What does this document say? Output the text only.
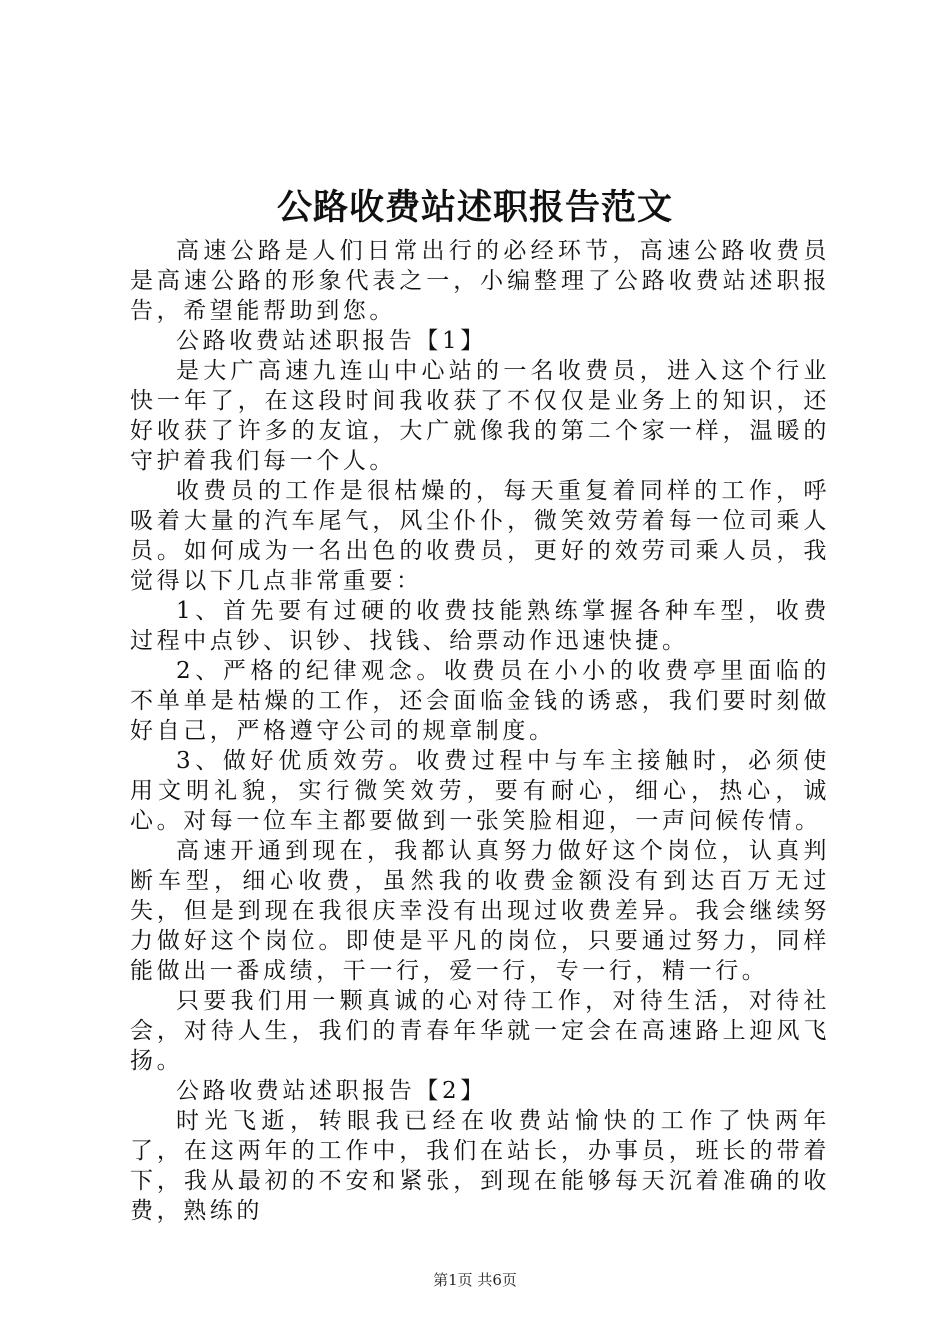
公路收费站述职报告范文

高速公路是人们日常出行的必经环节，高速公路收费员是高速公路的形象代表之一，小编整理了公路收费站述职报告，希望能帮助到您。

公路收费站述职报告【1】

是大广高速九连山中心站的一名收费员，进入这个行业快一年了，在这段时间我收获了不仅仅是业务上的知识，还好收获了许多的友谊，大广就像我的第二个家一样，温暖的守护着我们每一个人。

收费员的工作是很枯燥的，每天重复着同样的工作，呼吸着大量的汽车尾气，风尘仆仆，微笑效劳着每一位司乘人员。如何成为一名出色的收费员，更好的效劳司乘人员，我觉得以下几点非常重要：

1、首先要有过硬的收费技能熟练掌握各种车型，收费过程中点钞、识钞、找钱、给票动作迅速快捷。

2、严格的纪律观念。收费员在小小的收费亭里面临的不单单是枯燥的工作，还会面临金钱的诱惑，我们要时刻做好自己，严格遵守公司的规章制度。

3、做好优质效劳。收费过程中与车主接触时，必须使用文明礼貌，实行微笑效劳，要有耐心，细心，热心，诚心。对每一位车主都要做到一张笑脸相迎，一声问候传情。

高速开通到现在，我都认真努力做好这个岗位，认真判断车型，细心收费，虽然我的收费金额没有到达百万无过失，但是到现在我很庆幸没有出现过收费差异。我会继续努力做好这个岗位。即使是平凡的岗位，只要通过努力，同样能做出一番成绩，干一行，爱一行，专一行，精一行。

只要我们用一颗真诚的心对待工作，对待生活，对待社会，对待人生，我们的青春年华就一定会在高速路上迎风飞扬。

公路收费站述职报告【2】

时光飞逝，转眼我已经在收费站愉快的工作了快两年了，在这两年的工作中，我们在站长，办事员，班长的带着下，我从最初的不安和紧张，到现在能够每天沉着准确的收费，熟练的

第1页 共6页
